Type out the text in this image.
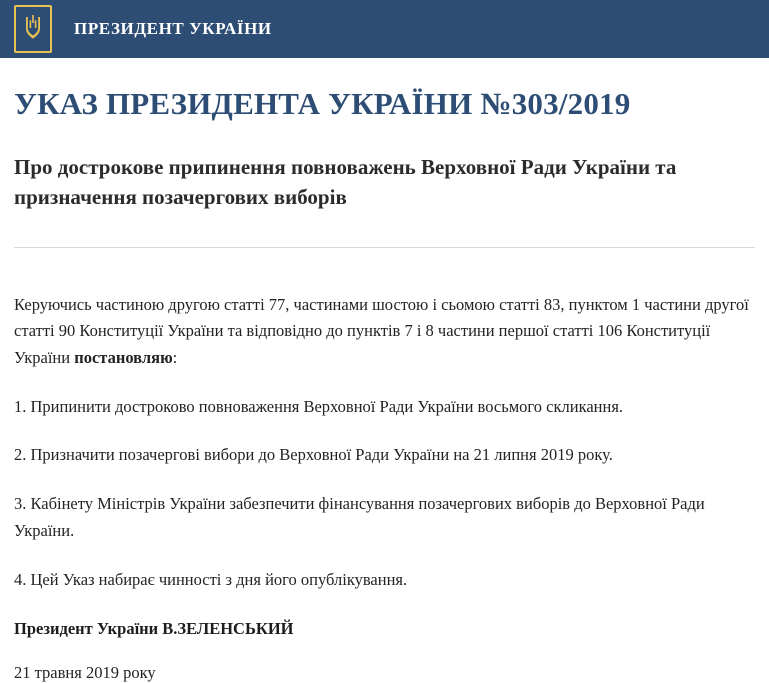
ПРЕЗИДЕНТ УКРАЇНИ
УКАЗ ПРЕЗИДЕНТА УКРАЇНИ №303/2019
Про дострокове припинення повноважень Верховної Ради України та призначення позачергових виборів

Керуючись частиною другою статті 77, частинами шостою і сьомою статті 83, пунктом 1 частини другої статті 90 Конституції України та відповідно до пунктів 7 і 8 частини першої статті 106 Конституції України постановляю:

1. Припинити достроково повноваження Верховної Ради України восьмого скликання.

2. Призначити позачергові вибори до Верховної Ради України на 21 липня 2019 року.

3. Кабінету Міністрів України забезпечити фінансування позачергових виборів до Верховної Ради України.

4. Цей Указ набирає чинності з дня його опублікування.

Президент України В.ЗЕЛЕНСЬКИЙ

21 травня 2019 року
